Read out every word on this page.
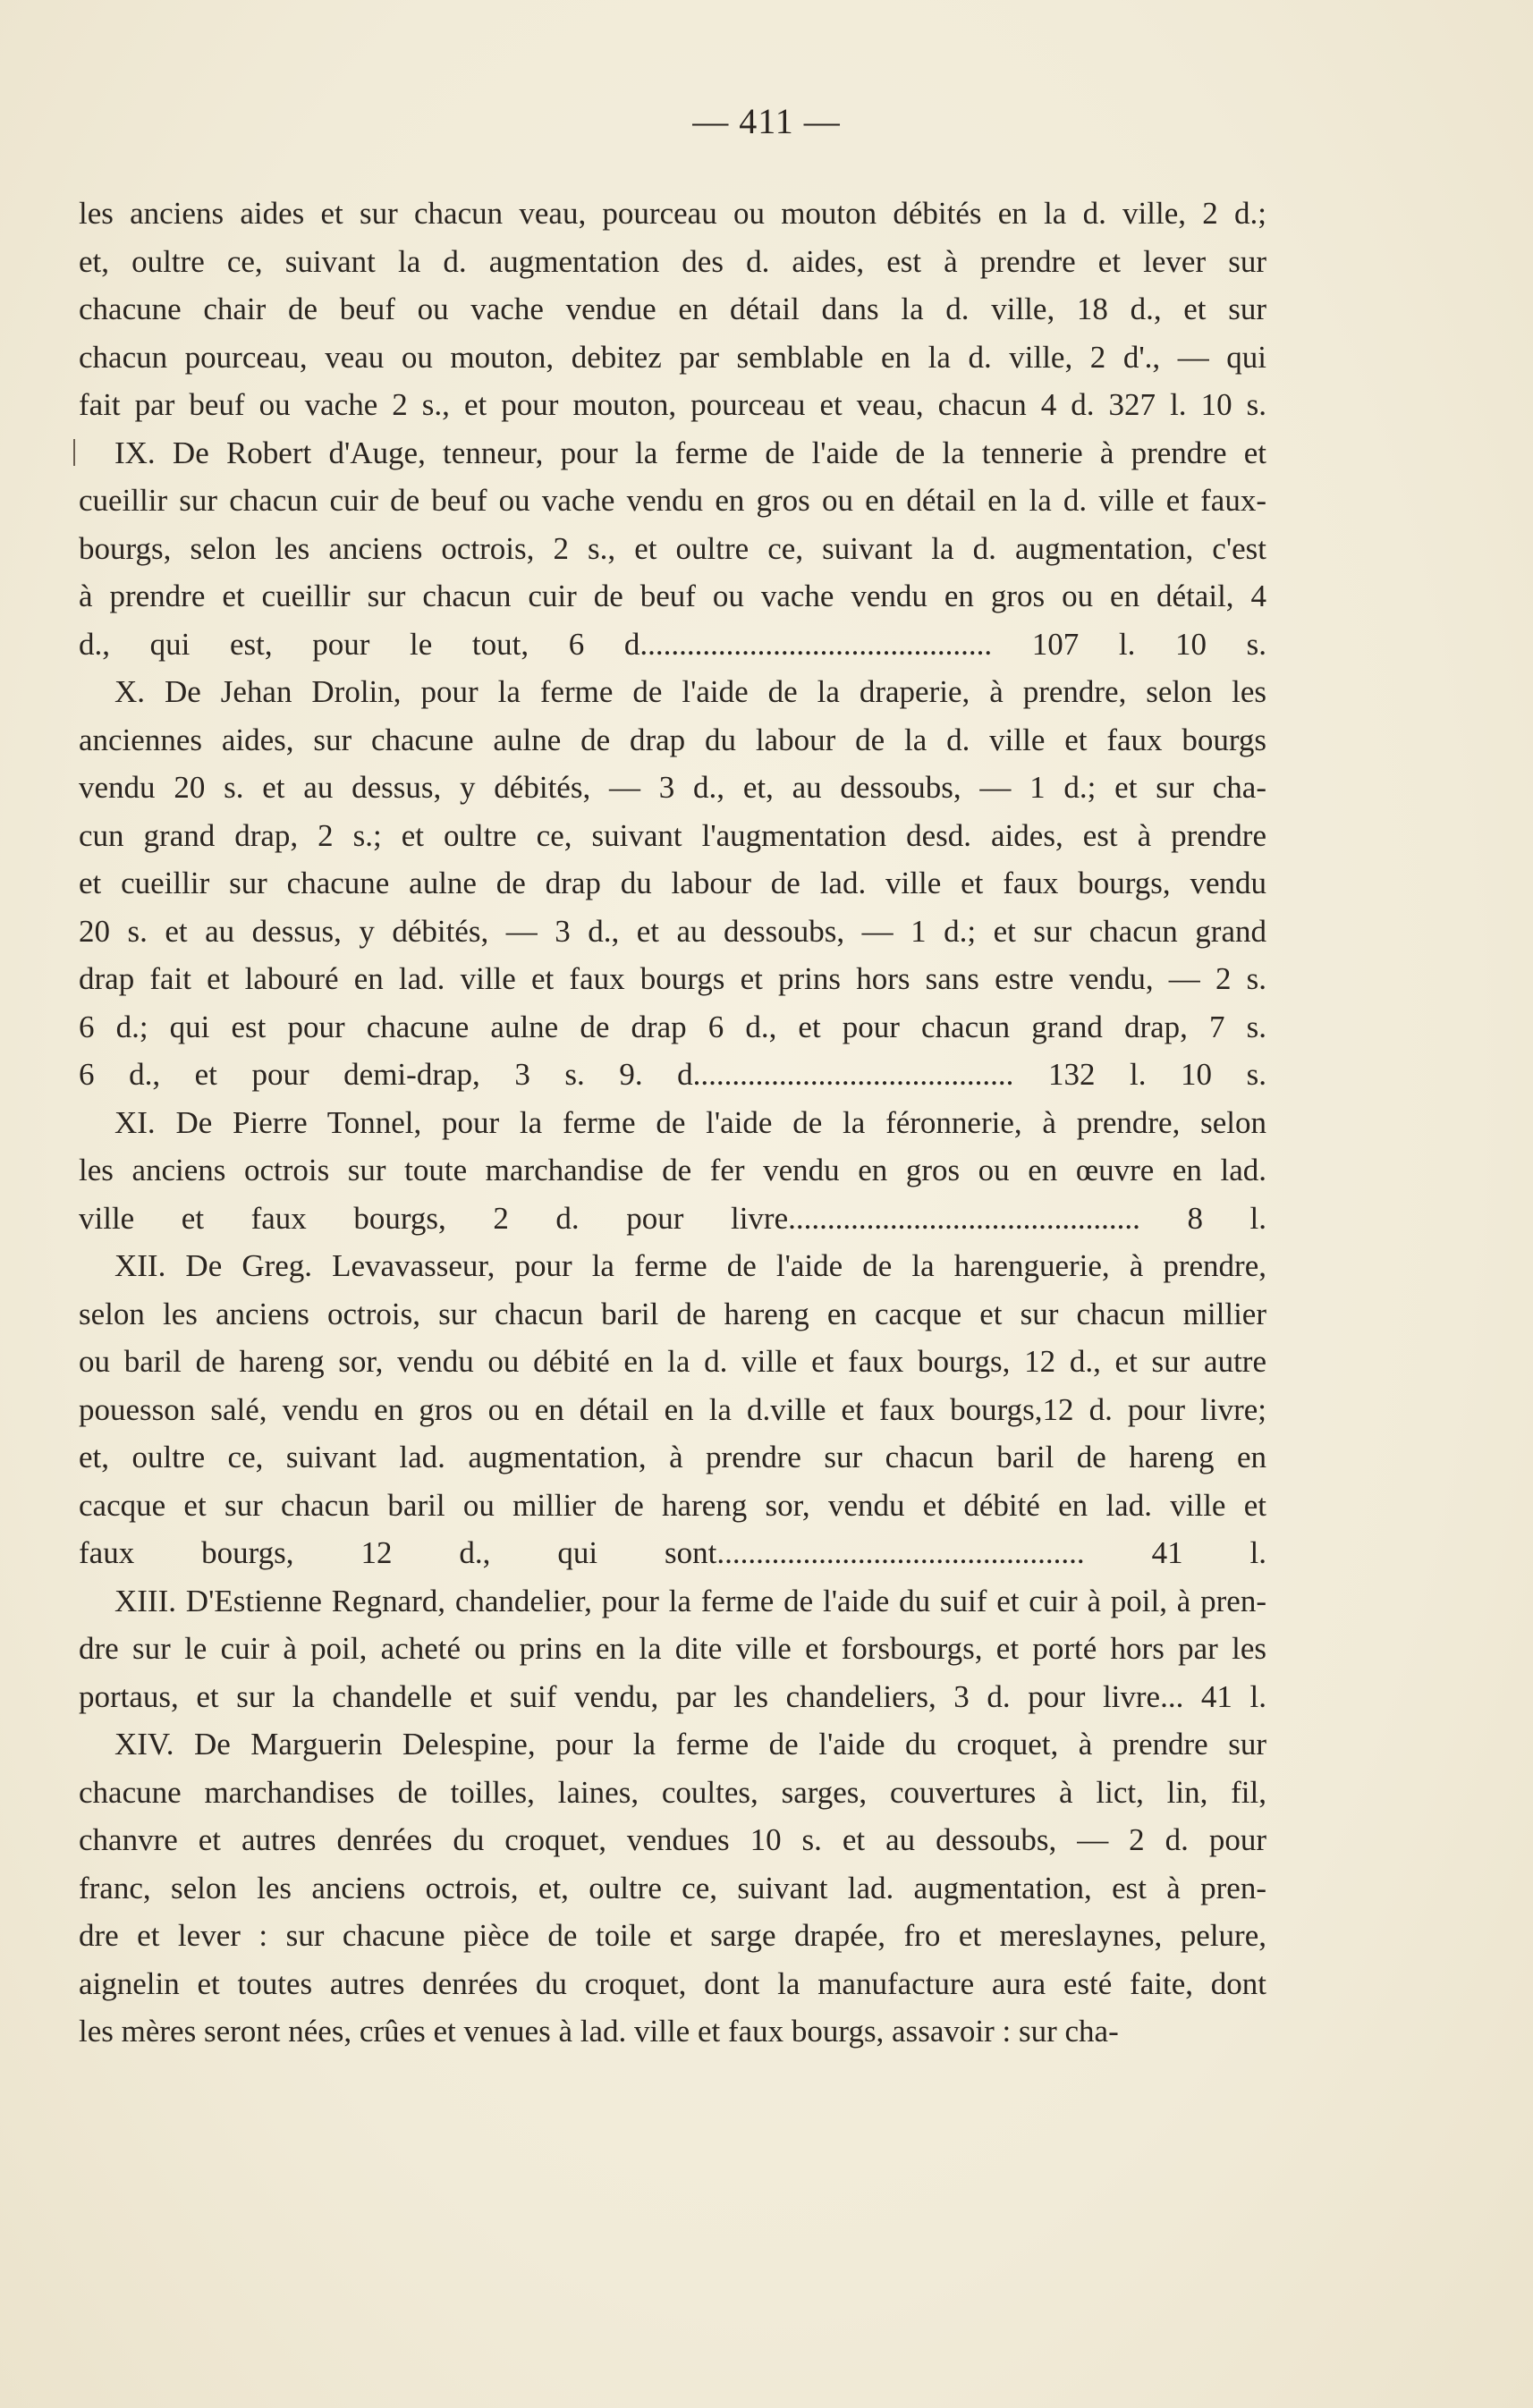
— 411 —
les anciens aides et sur chacun veau, pourceau ou mouton débités en la d. ville, 2 d.;
et, oultre ce, suivant la d. augmentation des d. aides, est à prendre et lever sur
chacune chair de beuf ou vache vendue en détail dans la d. ville, 18 d., et sur
chacun pourceau, veau ou mouton, debitez par semblable en la d. ville, 2 d'., — qui
fait par beuf ou vache 2 s., et pour mouton, pourceau et veau, chacun 4 d. 327 l. 10 s.
IX. De Robert d'Auge, tenneur, pour la ferme de l'aide de la tennerie à prendre et
cueillir sur chacun cuir de beuf ou vache vendu en gros ou en détail en la d. ville et faux-
bourgs, selon les anciens octrois, 2 s., et oultre ce, suivant la d. augmentation, c'est
à prendre et cueillir sur chacun cuir de beuf ou vache vendu en gros ou en détail, 4
d., qui est, pour le tout, 6 d............................................. 107 l. 10 s.
X. De Jehan Drolin, pour la ferme de l'aide de la draperie, à prendre, selon les
anciennes aides, sur chacune aulne de drap du labour de la d. ville et faux bourgs
vendu 20 s. et au dessus, y débités, — 3 d., et, au dessoubs, — 1 d.; et sur cha-
cun grand drap, 2 s.; et oultre ce, suivant l'augmentation desd. aides, est à prendre
et cueillir sur chacune aulne de drap du labour de lad. ville et faux bourgs, vendu
20 s. et au dessus, y débités, — 3 d., et au dessoubs, — 1 d.; et sur chacun grand
drap fait et labouré en lad. ville et faux bourgs et prins hors sans estre vendu, — 2 s.
6 d.; qui est pour chacune aulne de drap 6 d., et pour chacun grand drap, 7 s.
6 d., et pour demi-drap, 3 s. 9. d......................................... 132 l. 10 s.
XI. De Pierre Tonnel, pour la ferme de l'aide de la féronnerie, à prendre, selon
les anciens octrois sur toute marchandise de fer vendu en gros ou en œuvre en lad.
ville et faux bourgs, 2 d. pour livre............................................. 8 l.
XII. De Greg. Levavasseur, pour la ferme de l'aide de la harenguerie, à prendre,
selon les anciens octrois, sur chacun baril de hareng en cacque et sur chacun millier
ou baril de hareng sor, vendu ou débité en la d. ville et faux bourgs, 12 d., et sur autre
pouesson salé, vendu en gros ou en détail en la d.ville et faux bourgs,12 d. pour livre;
et, oultre ce, suivant lad. augmentation, à prendre sur chacun baril de hareng en
cacque et sur chacun baril ou millier de hareng sor, vendu et débité en lad. ville et
faux bourgs, 12 d., qui sont............................................... 41 l.
XIII. D'Estienne Regnard, chandelier, pour la ferme de l'aide du suif et cuir à poil, à pren-
dre sur le cuir à poil, acheté ou prins en la dite ville et forsbourgs, et porté hors par les
portaus, et sur la chandelle et suif vendu, par les chandeliers, 3 d. pour livre... 41 l.
XIV. De Marguerin Delespine, pour la ferme de l'aide du croquet, à prendre sur
chacune marchandises de toilles, laines, coultes, sarges, couvertures à lict, lin, fil,
chanvre et autres denrées du croquet, vendues 10 s. et au dessoubs, — 2 d. pour
franc, selon les anciens octrois, et, oultre ce, suivant lad. augmentation, est à pren-
dre et lever : sur chacune pièce de toile et sarge drapée, fro et mereslaynes, pelure,
aignelin et toutes autres denrées du croquet, dont la manufacture aura esté faite, dont
les mères seront nées, crûes et venues à lad. ville et faux bourgs, assavoir : sur cha-
